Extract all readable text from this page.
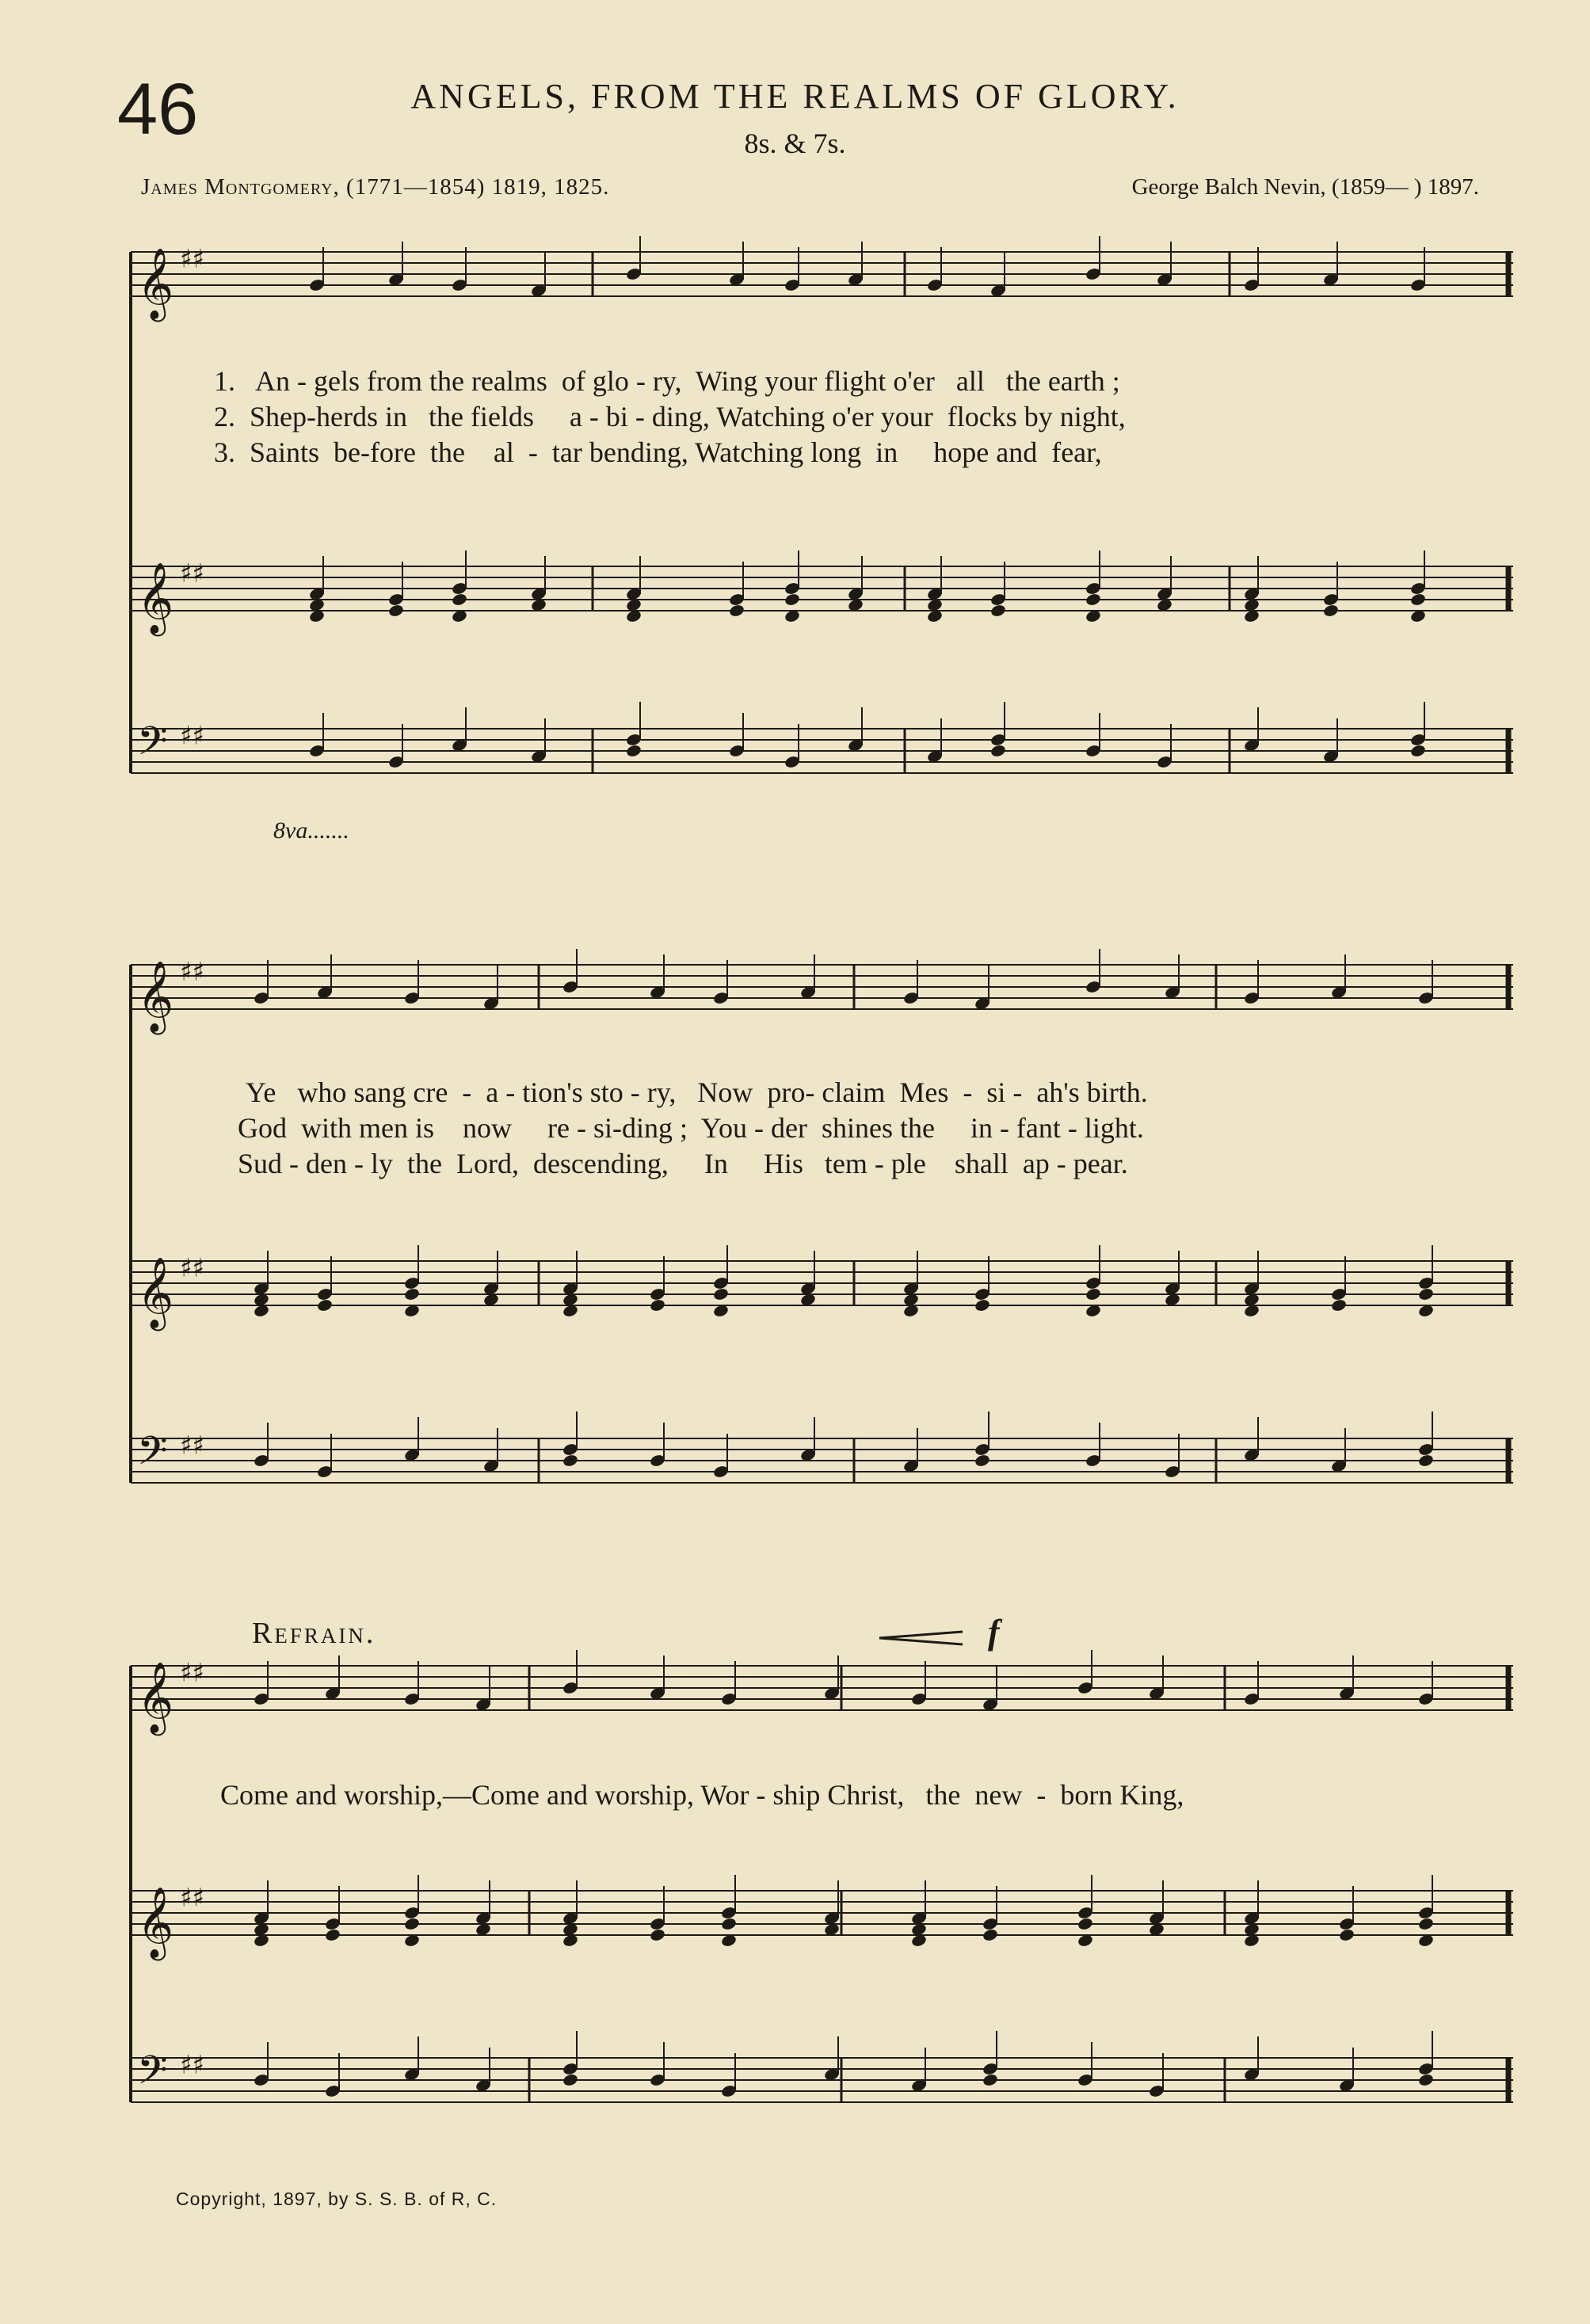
46	ANGELS, FROM THE REALMS OF GLORY.
8s. & 7s.
James Montgomery, (1771—1854) 1819, 1825.	George Balch Nevin, (1859— ) 1897.
𝄞 ♯♯
𝄞 ♯♯
𝄢 ♯♯
𝄞 ♯♯
𝄞 ♯♯
𝄢 ♯♯
𝄞 ♯♯
𝄞 ♯♯
𝄢 ♯♯
1.   An - gels from the realms  of glo - ry,  Wing your flight o'er   all   the earth ;
2.  Shep-herds in   the fields     a - bi - ding, Watching o'er your  flocks by night,
3.  Saints  be-fore  the    al  -  tar bending, Watching long  in     hope and  fear,
8va.......
Ye   who sang cre  -  a - tion's sto - ry,   Now  pro- claim  Mes  -  si -  ah's birth.
God  with men is    now     re - si-ding ;  You - der  shines the     in - fant - light.
Sud - den - ly  the  Lord,  descending,     In     His   tem - ple    shall  ap - pear.
Refrain.	f
Come and worship,—Come and worship, Wor - ship Christ,   the  new  -  born King,
Copyright, 1897, by S. S. B. of R, C.
